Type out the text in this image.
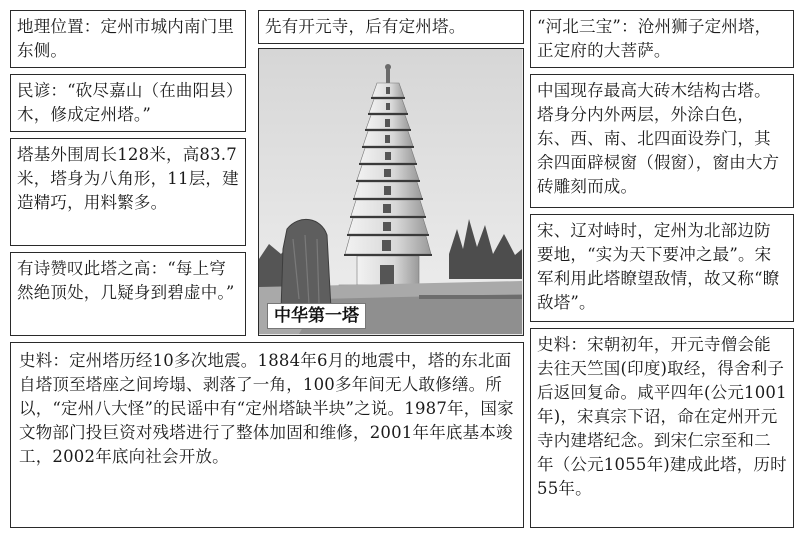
地理位置：定州市城内南门里东侧。
民谚：“砍尽嘉山（在曲阳县）木，修成定州塔。”
塔基外围周长128米，高83.7米，塔身为八角形，11层，建造精巧，用料繁多。
有诗赞叹此塔之高：“每上穹然绝顶处，几疑身到碧虚中。”
先有开元寺，后有定州塔。
中华第一塔
“河北三宝”：沧州狮子定州塔，正定府的大菩萨。
中国现存最高大砖木结构古塔。塔身分内外两层，外涂白色，东、西、南、北四面设券门，其余四面辟棂窗（假窗），窗由大方砖雕刻而成。
宋、辽对峙时，定州为北部边防要地，“实为天下要冲之最”。宋军利用此塔瞭望敌情，故又称“瞭敌塔”。
史料：宋朝初年，开元寺僧会能去往天竺国(印度)取经，得舍利子后返回复命。咸平四年(公元1001年)，宋真宗下诏，命在定州开元寺内建塔纪念。到宋仁宗至和二年（公元1055年)建成此塔，历时55年。
史料：定州塔历经10多次地震。1884年6月的地震中，塔的东北面自塔顶至塔座之间垮塌、剥落了一角，100多年间无人敢修缮。所以，“定州八大怪”的民谣中有“定州塔缺半块”之说。1987年，国家文物部门投巨资对残塔进行了整体加固和维修，2001年年底基本竣工，2002年底向社会开放。
